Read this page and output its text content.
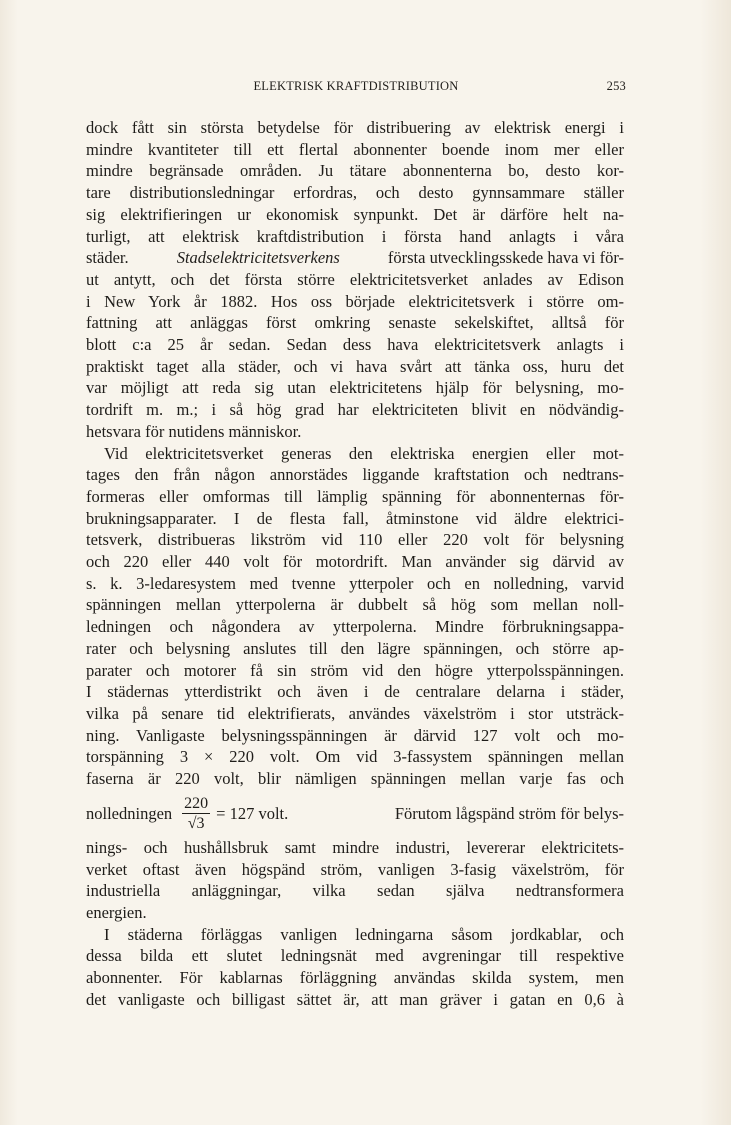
ELEKTRISK KRAFTDISTRIBUTION	253
dock fått sin största betydelse för distribuering av elektrisk energi i
mindre kvantiteter till ett flertal abonnenter boende inom mer eller
mindre begränsade områden. Ju tätare abonnenterna bo, desto kor-
tare distributionsledningar erfordras, och desto gynnsammare ställer
sig elektrifieringen ur ekonomisk synpunkt. Det är därföre helt na-
turligt, att elektrisk kraftdistribution i första hand anlagts i våra
städer.	Stadselektricitetsverkens	första utvecklingsskede hava vi för-
ut antytt, och det första större elektricitetsverket anlades av Edison
i New York år 1882. Hos oss började elektricitetsverk i större om-
fattning att anläggas först omkring senaste sekelskiftet, alltså för
blott c:a 25 år sedan. Sedan dess hava elektricitetsverk anlagts i
praktiskt taget alla städer, och vi hava svårt att tänka oss, huru det
var möjligt att reda sig utan elektricitetens hjälp för belysning, mo-
tordrift m. m.; i så hög grad har elektriciteten blivit en nödvändig-
hetsvara för nutidens människor.
Vid elektricitetsverket generas den elektriska energien eller mot-
tages den från någon annorstädes liggande kraftstation och nedtrans-
formeras eller omformas till lämplig spänning för abonnenternas för-
brukningsapparater. I de flesta fall, åtminstone vid äldre elektrici-
tetsverk, distribueras likström vid 110 eller 220 volt för belysning
och 220 eller 440 volt för motordrift. Man använder sig därvid av
s. k. 3-ledaresystem med tvenne ytterpoler och en nolledning, varvid
spänningen mellan ytterpolerna är dubbelt så hög som mellan noll-
ledningen och någondera av ytterpolerna. Mindre förbrukningsappa-
rater och belysning anslutes till den lägre spänningen, och större ap-
parater och motorer få sin ström vid den högre ytterpolsspänningen.
I städernas ytterdistrikt och även i de centralare delarna i städer,
vilka på senare tid elektrifierats, användes växelström i stor utsträck-
ning. Vanligaste belysningsspänningen är därvid 127 volt och mo-
torspänning 3 × 220 volt. Om vid 3-fassystem spänningen mellan
faserna är 220 volt, blir nämligen spänningen mellan varje fas och
nolledningen $\frac{220}{√3} = 127$ volt.	Förutom lågspänd ström för belys-
nings- och hushållsbruk samt mindre industri, levererar elektricitets-
verket oftast även högspänd ström, vanligen 3-fasig växelström, för
industriella anläggningar, vilka sedan själva nedtransformera
energien.
I städerna förläggas vanligen ledningarna såsom jordkablar, och
dessa bilda ett slutet ledningsnät med avgreningar till respektive
abonnenter. För kablarnas förläggning användas skilda system, men
det vanligaste och billigast sättet är, att man gräver i gatan en 0,6 à
